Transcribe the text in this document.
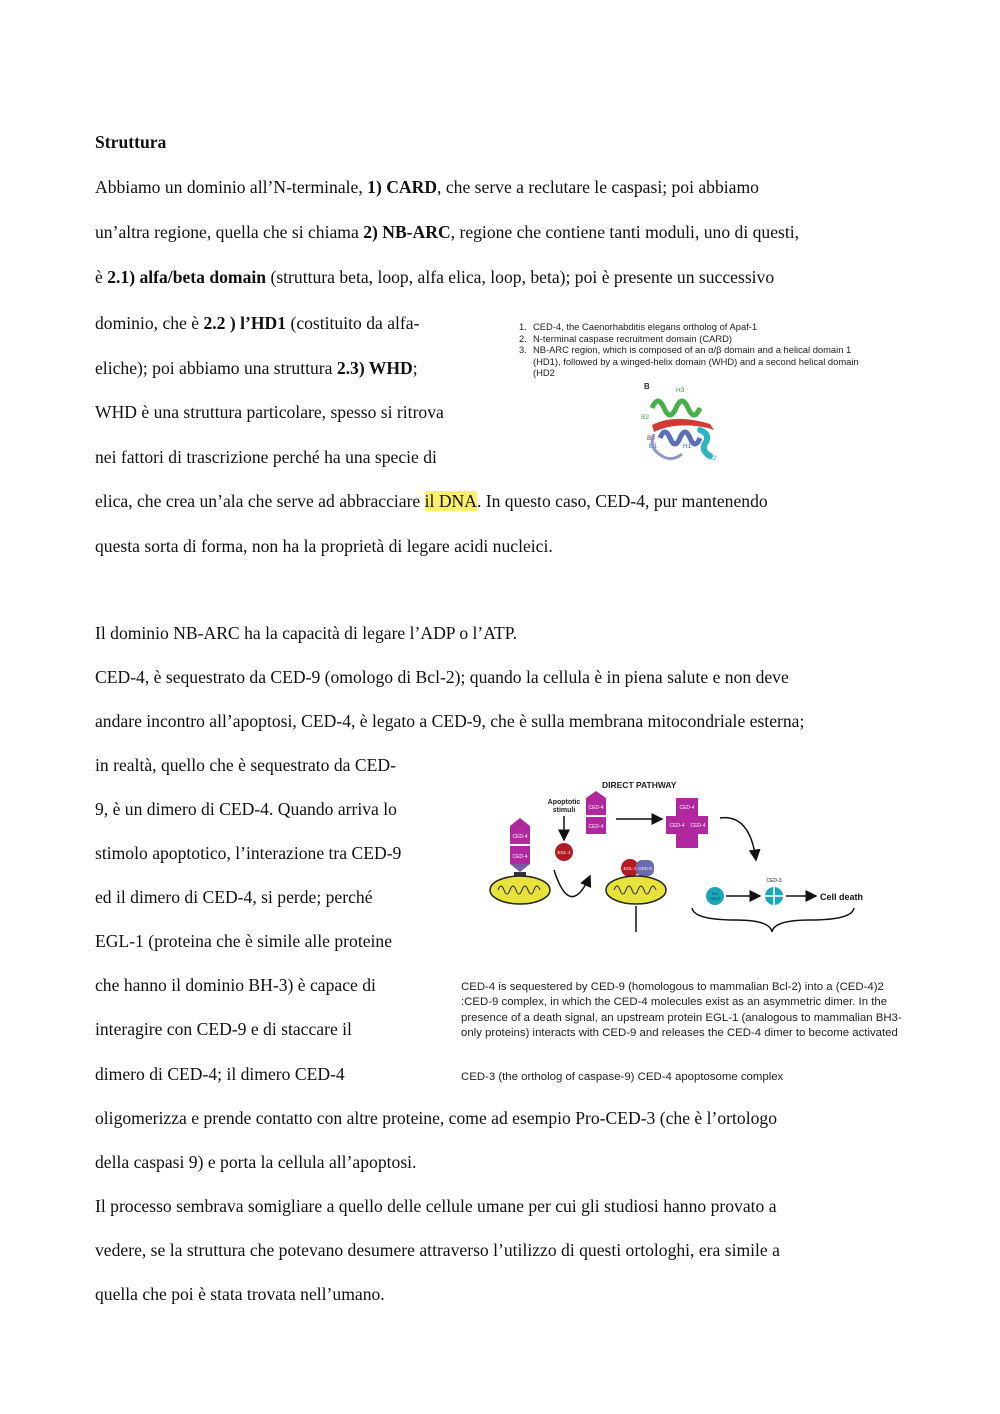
Struttura
Abbiamo un dominio all’N-terminale, 1) CARD, che serve a reclutare le caspasi; poi abbiamo
un’altra regione, quella che si chiama 2) NB-ARC, regione che contiene tanti moduli, uno di questi,
è 2.1) alfa/beta domain (struttura beta, loop, alfa elica, loop, beta); poi è presente un successivo
dominio, che è 2.2 ) l’HD1 (costituito da alfa-
eliche); poi abbiamo una struttura 2.3) WHD;
WHD è una struttura particolare, spesso si ritrova
nei fattori di trascrizione perché ha una specie di
elica, che crea un’ala che serve ad abbracciare il DNA. In questo caso, CED-4, pur mantenendo
questa sorta di forma, non ha la proprietà di legare acidi nucleici.
1. CED-4, the Caenorhabditis elegans ortholog of Apaf-1
2. N-terminal caspase recruitment domain (CARD)
3. NB-ARC region, which is composed of an α/β domain and a helical domain 1
(HD1), followed by a winged-helix domain (WHD) and a second helical domain
(HD2
B	H3
B2
B3
B1	H1
H2
Il dominio NB-ARC ha la capacità di legare l’ADP o l’ATP.
CED-4, è sequestrato da CED-9 (omologo di Bcl-2); quando la cellula è in piena salute e non deve
andare incontro all’apoptosi, CED-4, è legato a CED-9, che è sulla membrana mitocondriale esterna;
in realtà, quello che è sequestrato da CED-
9, è un dimero di CED-4. Quando arriva lo
stimolo apoptotico, l’interazione tra CED-9
ed il dimero di CED-4, si perde; perché
EGL-1 (proteina che è simile alle proteine
che hanno il dominio BH-3) è capace di
interagire con CED-9 e di staccare il
dimero di CED-4; il dimero CED-4
oligomerizza e prende contatto con altre proteine, come ad esempio Pro-CED-3 (che è l’ortologo
della caspasi 9) e porta la cellula all’apoptosi.
Il processo sembrava somigliare a quello delle cellule umane per cui gli studiosi hanno provato a
vedere, se la struttura che potevano desumere attraverso l’utilizzo di questi ortologhi, era simile a
quella che poi è stata trovata nell’umano.
DIRECT PATHWAY
Apoptotic
stimuli
CED-4
CED-4
EGL-1
EGL-1 CED-9
CED-4
CED-4
CED-4
CED-4 CED-4
Pro
CED3
CED-3
Cell death
CED-4 is sequestered by CED-9 (homologous to mammalian Bcl-2) into a (CED-4)2
:CED-9 complex, in which the CED-4 molecules exist as an asymmetric dimer. In the
presence of a death signal, an upstream protein EGL-1 (analogous to mammalian BH3-
only proteins) interacts with CED-9 and releases the CED-4 dimer to become activated
CED-3 (the ortholog of caspase-9) CED-4 apoptosome complex
